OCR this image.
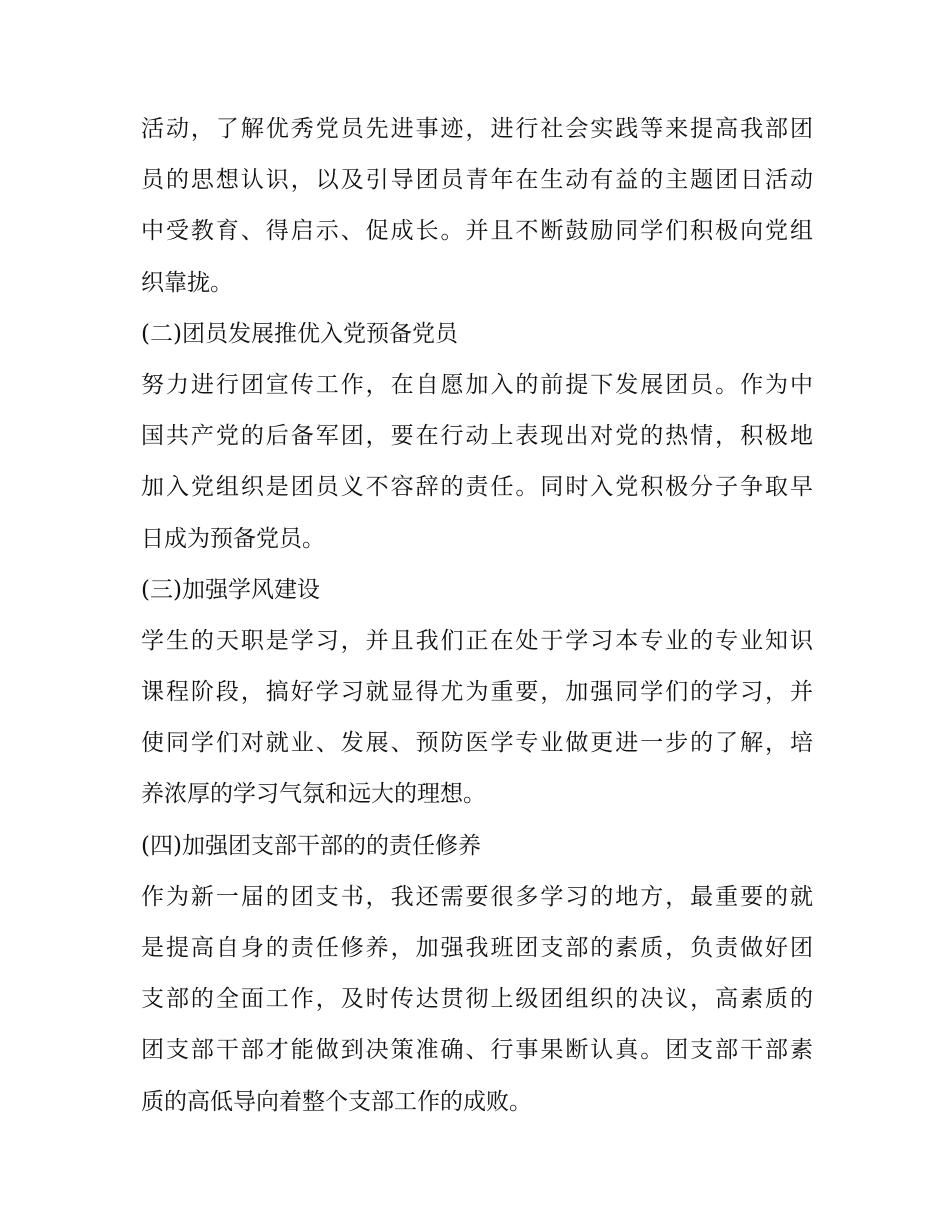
活动，了解优秀党员先进事迹，进行社会实践等来提高我部团
员的思想认识，以及引导团员青年在生动有益的主题团日活动
中受教育、得启示、促成长。并且不断鼓励同学们积极向党组
织靠拢。
(二)团员发展推优入党预备党员
努力进行团宣传工作，在自愿加入的前提下发展团员。作为中
国共产党的后备军团，要在行动上表现出对党的热情，积极地
加入党组织是团员义不容辞的责任。同时入党积极分子争取早
日成为预备党员。
(三)加强学风建设
学生的天职是学习，并且我们正在处于学习本专业的专业知识
课程阶段，搞好学习就显得尤为重要，加强同学们的学习，并
使同学们对就业、发展、预防医学专业做更进一步的了解，培
养浓厚的学习气氛和远大的理想。
(四)加强团支部干部的的责任修养
作为新一届的团支书，我还需要很多学习的地方，最重要的就
是提高自身的责任修养，加强我班团支部的素质，负责做好团
支部的全面工作，及时传达贯彻上级团组织的决议，高素质的
团支部干部才能做到决策准确、行事果断认真。团支部干部素
质的高低导向着整个支部工作的成败。
